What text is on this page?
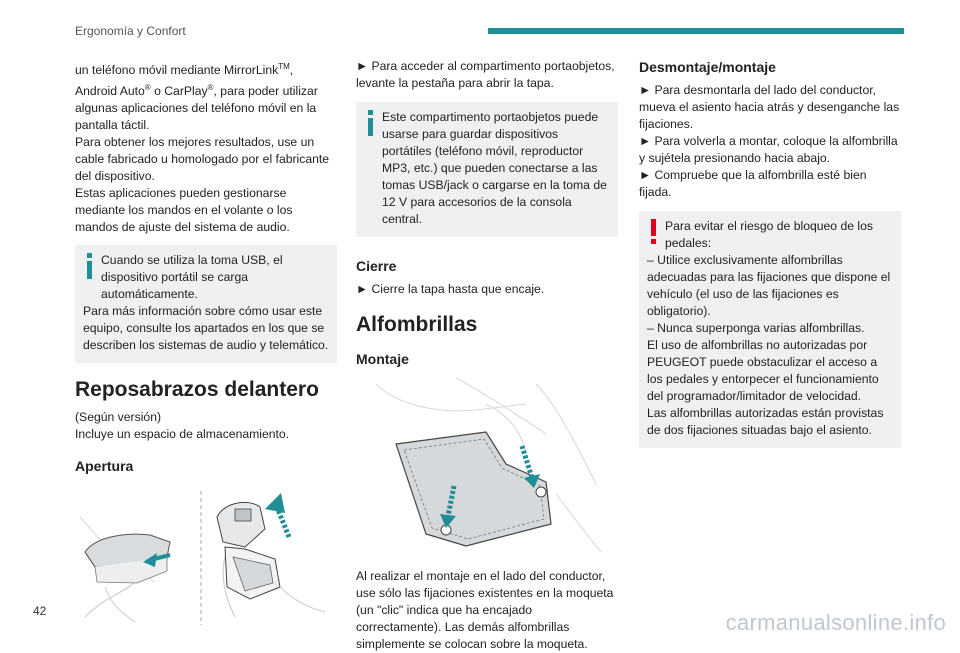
Ergonomía y Confort

un teléfono móvil mediante MirrorLink™, Android Auto® o CarPlay®, para poder utilizar algunas aplicaciones del teléfono móvil en la pantalla táctil.

Para obtener los mejores resultados, use un cable fabricado u homologado por el fabricante del dispositivo.

Estas aplicaciones pueden gestionarse mediante los mandos en el volante o los mandos de ajuste del sistema de audio.

Cuando se utiliza la toma USB, el dispositivo portátil se carga automáticamente.

Para más información sobre cómo usar este equipo, consulte los apartados en los que se describen los sistemas de audio y telemático.

Reposabrazos delantero

(Según versión)

Incluye un espacio de almacenamiento.

Apertura

► Para acceder al compartimento portaobjetos, levante la pestaña para abrir la tapa.

Este compartimento portaobjetos puede usarse para guardar dispositivos portátiles (teléfono móvil, reproductor MP3, etc.) que pueden conectarse a las tomas USB/jack o cargarse en la toma de 12 V para accesorios de la consola central.

Cierre

► Cierre la tapa hasta que encaje.

Alfombrillas
Montaje

Al realizar el montaje en el lado del conductor, use sólo las fijaciones existentes en la moqueta (un "clic" indica que ha encajado correctamente). Las demás alfombrillas simplemente se colocan sobre la moqueta.

Desmontaje/montaje

► Para desmontarla del lado del conductor, mueva el asiento hacia atrás y desenganche las fijaciones.

► Para volverla a montar, coloque la alfombrilla y sujétela presionando hacia abajo.

► Compruebe que la alfombrilla esté bien fijada.

Para evitar el riesgo de bloqueo de los pedales:

– Utilice exclusivamente alfombrillas adecuadas para las fijaciones que dispone el vehículo (el uso de las fijaciones es obligatorio).

– Nunca superponga varias alfombrillas.

El uso de alfombrillas no autorizadas por PEUGEOT puede obstaculizar el acceso a los pedales y entorpecer el funcionamiento del programador/limitador de velocidad.

Las alfombrillas autorizadas están provistas de dos fijaciones situadas bajo el asiento.

42	carmanualsonline.info
